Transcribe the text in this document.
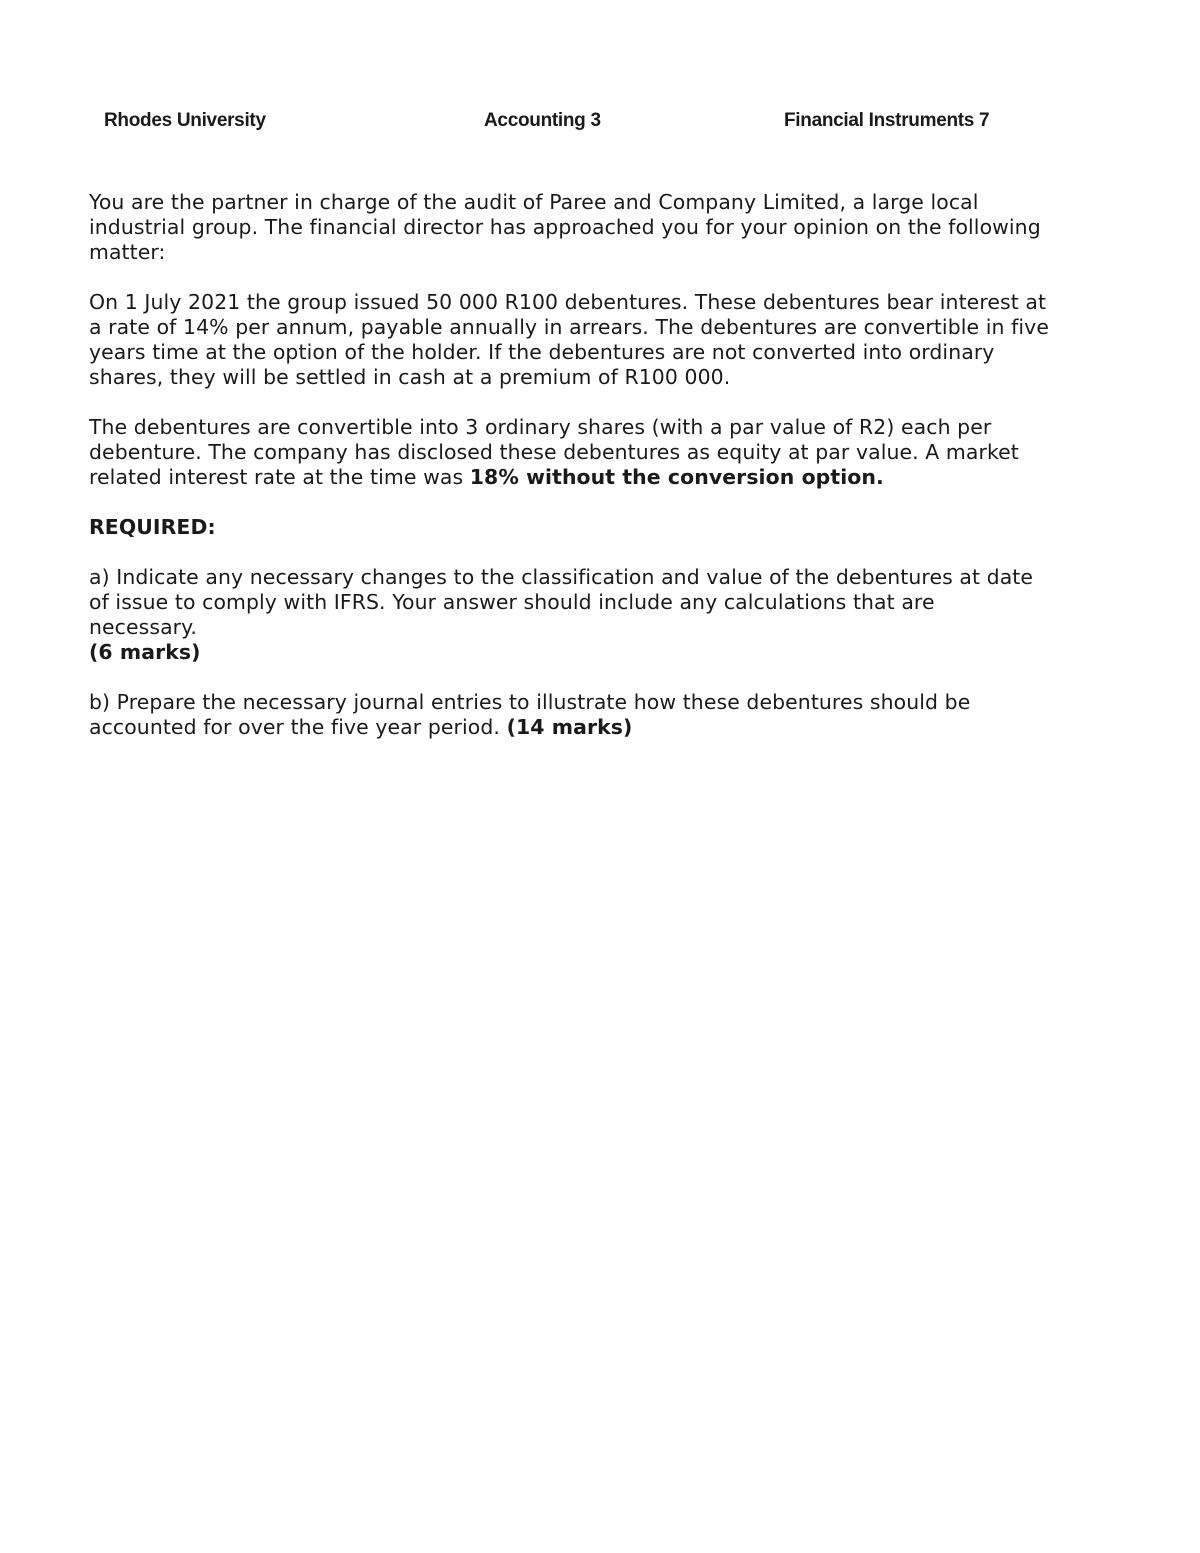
Rhodes University	Accounting 3	Financial Instruments 7

You are the partner in charge of the audit of Paree and Company Limited, a large local industrial group. The financial director has approached you for your opinion on the following matter:

On 1 July 2021 the group issued 50 000 R100 debentures. These debentures bear interest at a rate of 14% per annum, payable annually in arrears. The debentures are convertible in five years time at the option of the holder. If the debentures are not converted into ordinary shares, they will be settled in cash at a premium of R100 000.

The debentures are convertible into 3 ordinary shares (with a par value of R2) each per debenture. The company has disclosed these debentures as equity at par value. A market related interest rate at the time was 18% without the conversion option.

REQUIRED:

a) Indicate any necessary changes to the classification and value of the debentures at date of issue to comply with IFRS. Your answer should include any calculations that are necessary.

(6 marks)

b) Prepare the necessary journal entries to illustrate how these debentures should be accounted for over the five year period. (14 marks)
